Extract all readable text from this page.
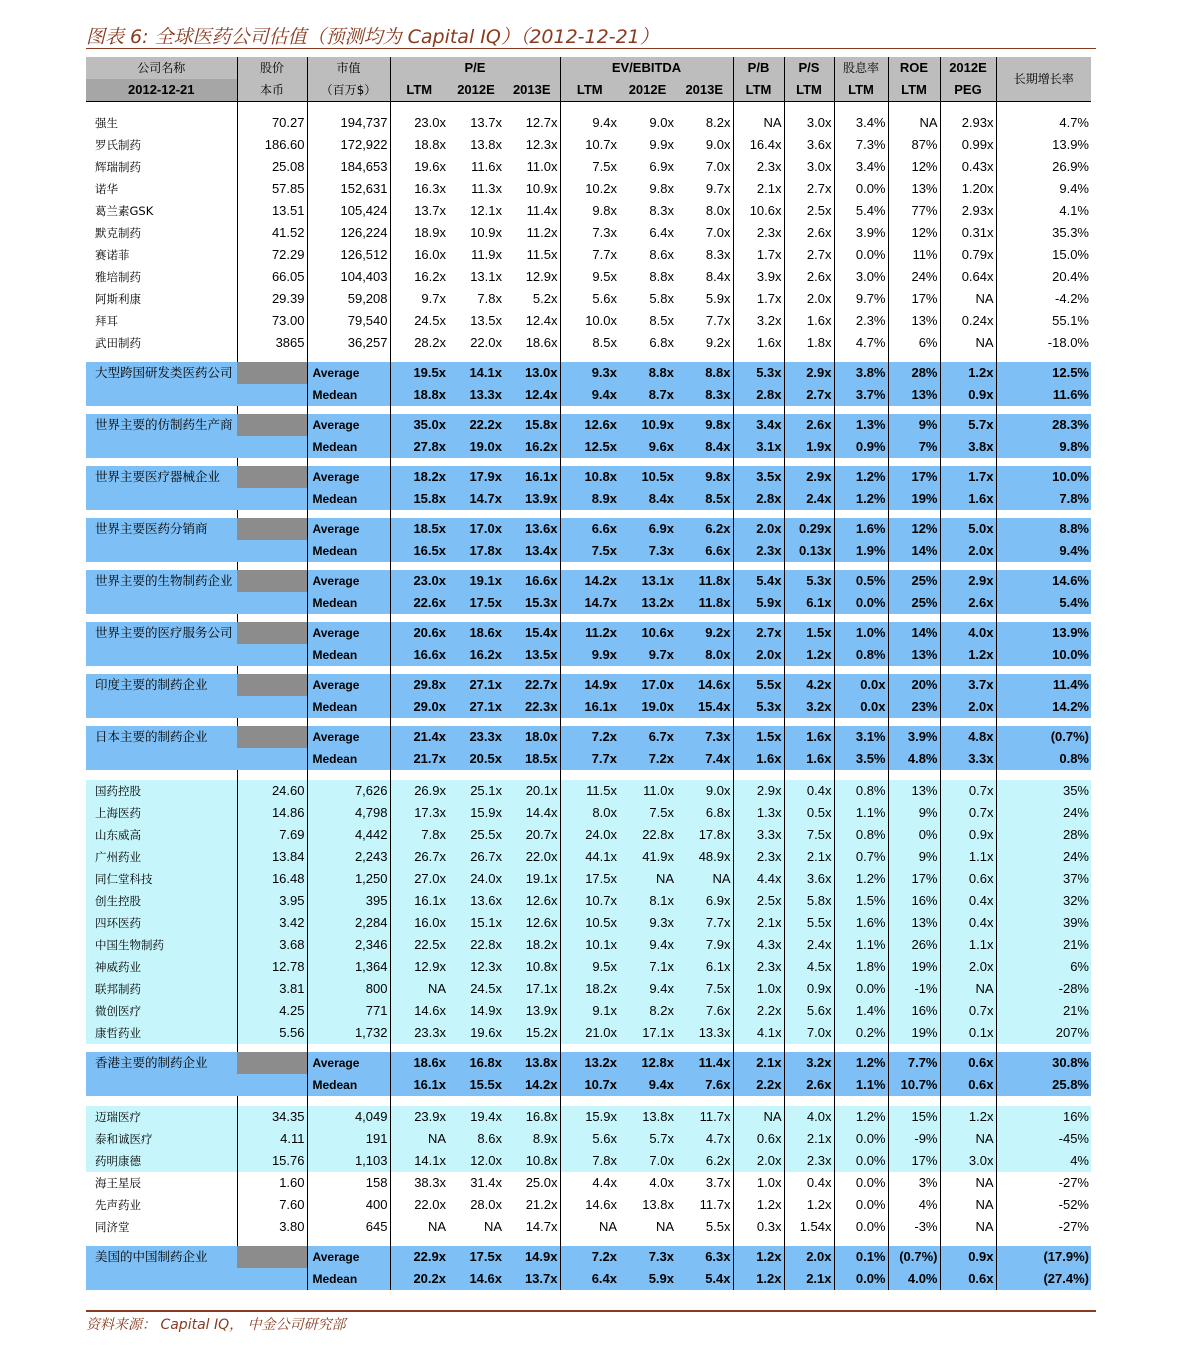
图表 6: 全球医药公司估值（预测均为 Capital IQ）（2012-12-21）
公司名称	股价	市值	P/E			EV/EBITDA			P/B	P/S	股息率	ROE	2012E	长期增长率
2012-12-21	本币	（百万$）	LTM	2012E	2013E	LTM	2012E	2013E	LTM	LTM	LTM	LTM	PEG	

强生	70.27	194,737	23.0x	13.7x	12.7x	9.4x	9.0x	8.2x	NA	3.0x	3.4%	NA	2.93x	4.7%
罗氏制药	186.60	172,922	18.8x	13.8x	12.3x	10.7x	9.9x	9.0x	16.4x	3.6x	7.3%	87%	0.99x	13.9%
辉瑞制药	25.08	184,653	19.6x	11.6x	11.0x	7.5x	6.9x	7.0x	2.3x	3.0x	3.4%	12%	0.43x	26.9%
诺华	57.85	152,631	16.3x	11.3x	10.9x	10.2x	9.8x	9.7x	2.1x	2.7x	0.0%	13%	1.20x	9.4%
葛兰素GSK	13.51	105,424	13.7x	12.1x	11.4x	9.8x	8.3x	8.0x	10.6x	2.5x	5.4%	77%	2.93x	4.1%
默克制药	41.52	126,224	18.9x	10.9x	11.2x	7.3x	6.4x	7.0x	2.3x	2.6x	3.9%	12%	0.31x	35.3%
赛诺菲	72.29	126,512	16.0x	11.9x	11.5x	7.7x	8.6x	8.3x	1.7x	2.7x	0.0%	11%	0.79x	15.0%
雅培制药	66.05	104,403	16.2x	13.1x	12.9x	9.5x	8.8x	8.4x	3.9x	2.6x	3.0%	24%	0.64x	20.4%
阿斯利康	29.39	59,208	9.7x	7.8x	5.2x	5.6x	5.8x	5.9x	1.7x	2.0x	9.7%	17%	NA	-4.2%
拜耳	73.00	79,540	24.5x	13.5x	12.4x	10.0x	8.5x	7.7x	3.2x	1.6x	2.3%	13%	0.24x	55.1%
武田制药	3865	36,257	28.2x	22.0x	18.6x	8.5x	6.8x	9.2x	1.6x	1.8x	4.7%	6%	NA	-18.0%

大型跨国研发类医药公司		Average	19.5x	14.1x	13.0x	9.3x	8.8x	8.8x	5.3x	2.9x	3.8%	28%	1.2x	12.5%
		Medean	18.8x	13.3x	12.4x	9.4x	8.7x	8.3x	2.8x	2.7x	3.7%	13%	0.9x	11.6%

世界主要的仿制药生产商		Average	35.0x	22.2x	15.8x	12.6x	10.9x	9.8x	3.4x	2.6x	1.3%	9%	5.7x	28.3%
		Medean	27.8x	19.0x	16.2x	12.5x	9.6x	8.4x	3.1x	1.9x	0.9%	7%	3.8x	9.8%

世界主要医疗器械企业		Average	18.2x	17.9x	16.1x	10.8x	10.5x	9.8x	3.5x	2.9x	1.2%	17%	1.7x	10.0%
		Medean	15.8x	14.7x	13.9x	8.9x	8.4x	8.5x	2.8x	2.4x	1.2%	19%	1.6x	7.8%

世界主要医药分销商		Average	18.5x	17.0x	13.6x	6.6x	6.9x	6.2x	2.0x	0.29x	1.6%	12%	5.0x	8.8%
		Medean	16.5x	17.8x	13.4x	7.5x	7.3x	6.6x	2.3x	0.13x	1.9%	14%	2.0x	9.4%

世界主要的生物制药企业		Average	23.0x	19.1x	16.6x	14.2x	13.1x	11.8x	5.4x	5.3x	0.5%	25%	2.9x	14.6%
		Medean	22.6x	17.5x	15.3x	14.7x	13.2x	11.8x	5.9x	6.1x	0.0%	25%	2.6x	5.4%

世界主要的医疗服务公司		Average	20.6x	18.6x	15.4x	11.2x	10.6x	9.2x	2.7x	1.5x	1.0%	14%	4.0x	13.9%
		Medean	16.6x	16.2x	13.5x	9.9x	9.7x	8.0x	2.0x	1.2x	0.8%	13%	1.2x	10.0%

印度主要的制药企业		Average	29.8x	27.1x	22.7x	14.9x	17.0x	14.6x	5.5x	4.2x	0.0x	20%	3.7x	11.4%
		Medean	29.0x	27.1x	22.3x	16.1x	19.0x	15.4x	5.3x	3.2x	0.0x	23%	2.0x	14.2%

日本主要的制药企业		Average	21.4x	23.3x	18.0x	7.2x	6.7x	7.3x	1.5x	1.6x	3.1%	3.9%	4.8x	(0.7%)
		Medean	21.7x	20.5x	18.5x	7.7x	7.2x	7.4x	1.6x	1.6x	3.5%	4.8%	3.3x	0.8%

国药控股	24.60	7,626	26.9x	25.1x	20.1x	11.5x	11.0x	9.0x	2.9x	0.4x	0.8%	13%	0.7x	35%
上海医药	14.86	4,798	17.3x	15.9x	14.4x	8.0x	7.5x	6.8x	1.3x	0.5x	1.1%	9%	0.7x	24%
山东威高	7.69	4,442	7.8x	25.5x	20.7x	24.0x	22.8x	17.8x	3.3x	7.5x	0.8%	0%	0.9x	28%
广州药业	13.84	2,243	26.7x	26.7x	22.0x	44.1x	41.9x	48.9x	2.3x	2.1x	0.7%	9%	1.1x	24%
同仁堂科技	16.48	1,250	27.0x	24.0x	19.1x	17.5x	NA	NA	4.4x	3.6x	1.2%	17%	0.6x	37%
创生控股	3.95	395	16.1x	13.6x	12.6x	10.7x	8.1x	6.9x	2.5x	5.8x	1.5%	16%	0.4x	32%
四环医药	3.42	2,284	16.0x	15.1x	12.6x	10.5x	9.3x	7.7x	2.1x	5.5x	1.6%	13%	0.4x	39%
中国生物制药	3.68	2,346	22.5x	22.8x	18.2x	10.1x	9.4x	7.9x	4.3x	2.4x	1.1%	26%	1.1x	21%
神威药业	12.78	1,364	12.9x	12.3x	10.8x	9.5x	7.1x	6.1x	2.3x	4.5x	1.8%	19%	2.0x	6%
联邦制药	3.81	800	NA	24.5x	17.1x	18.2x	9.4x	7.5x	1.0x	0.9x	0.0%	-1%	NA	-28%
微创医疗	4.25	771	14.6x	14.9x	13.9x	9.1x	8.2x	7.6x	2.2x	5.6x	1.4%	16%	0.7x	21%
康哲药业	5.56	1,732	23.3x	19.6x	15.2x	21.0x	17.1x	13.3x	4.1x	7.0x	0.2%	19%	0.1x	207%

香港主要的制药企业		Average	18.6x	16.8x	13.8x	13.2x	12.8x	11.4x	2.1x	3.2x	1.2%	7.7%	0.6x	30.8%
		Medean	16.1x	15.5x	14.2x	10.7x	9.4x	7.6x	2.2x	2.6x	1.1%	10.7%	0.6x	25.8%

迈瑞医疗	34.35	4,049	23.9x	19.4x	16.8x	15.9x	13.8x	11.7x	NA	4.0x	1.2%	15%	1.2x	16%
泰和诚医疗	4.11	191	NA	8.6x	8.9x	5.6x	5.7x	4.7x	0.6x	2.1x	0.0%	-9%	NA	-45%
药明康德	15.76	1,103	14.1x	12.0x	10.8x	7.8x	7.0x	6.2x	2.0x	2.3x	0.0%	17%	3.0x	4%
海王星辰	1.60	158	38.3x	31.4x	25.0x	4.4x	4.0x	3.7x	1.0x	0.4x	0.0%	3%	NA	-27%
先声药业	7.60	400	22.0x	28.0x	21.2x	14.6x	13.8x	11.7x	1.2x	1.2x	0.0%	4%	NA	-52%
同济堂	3.80	645	NA	NA	14.7x	NA	NA	5.5x	0.3x	1.54x	0.0%	-3%	NA	-27%

美国的中国制药企业		Average	22.9x	17.5x	14.9x	7.2x	7.3x	6.3x	1.2x	2.0x	0.1%	(0.7%)	0.9x	(17.9%)
		Medean	20.2x	14.6x	13.7x	6.4x	5.9x	5.4x	1.2x	2.1x	0.0%	4.0%	0.6x	(27.4%)
资料来源： Capital IQ， 中金公司研究部
